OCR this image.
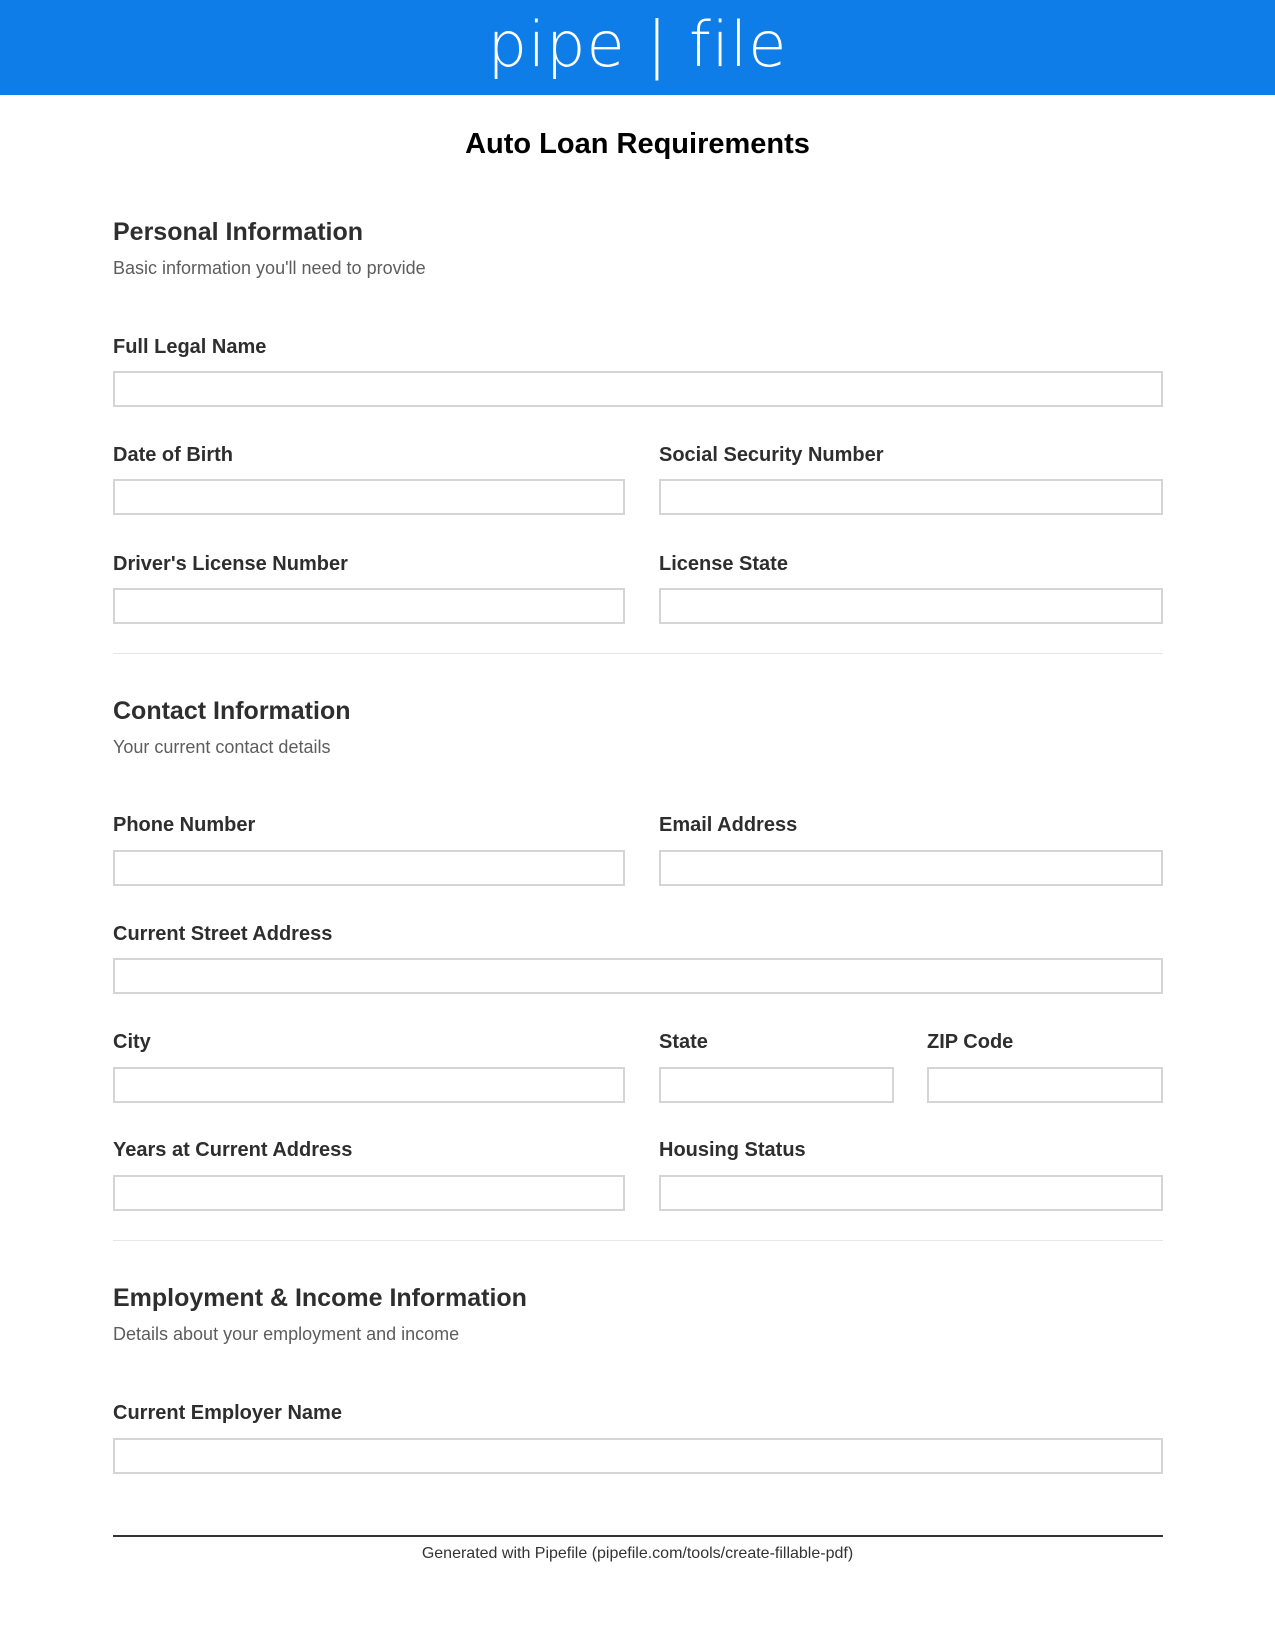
pipe | file
Auto Loan Requirements
Personal Information
Basic information you'll need to provide
Full Legal Name
Date of Birth	Social Security Number
Driver's License Number	License State
Contact Information
Your current contact details
Phone Number	Email Address
Current Street Address
City	State	ZIP Code
Years at Current Address	Housing Status
Employment & Income Information
Details about your employment and income
Current Employer Name
Generated with Pipefile (pipefile.com/tools/create-fillable-pdf)
